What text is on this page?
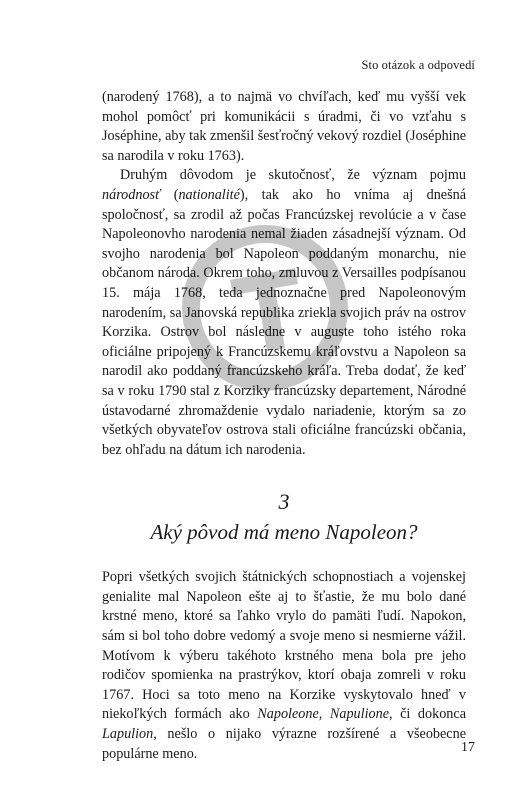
Sto otázok a odpovedí

(narodený 1768), a to najmä vo chvíľach, keď mu vyšší vek mohol pomôcť pri komunikácii s úradmi, či vo vzťahu s Joséphine, aby tak zmenšil šesťročný vekový rozdiel (Joséphine sa narodila v roku 1763).

Druhým dôvodom je skutočnosť, že význam pojmu národnosť (nationalité), tak ako ho vníma aj dnešná spoločnosť, sa zrodil až počas Francúzskej revolúcie a v čase Napoleonovho narodenia nemal žiaden zásadnejší význam. Od svojho narodenia bol Napoleon poddaným monarchu, nie občanom národa. Okrem toho, zmluvou z Versailles podpísanou 15. mája 1768, teda jednoznačne pred Napoleonovým narodením, sa Janovská republika zriekla svojich práv na ostrov Korzika. Ostrov bol následne v auguste toho istého roka oficiálne pripojený k Francúzskemu kráľovstvu a Napoleon sa narodil ako poddaný francúzskeho kráľa. Treba dodať, že keď sa v roku 1790 stal z Korziky francúzsky departement, Národné ústavodarné zhromaždenie vydalo nariadenie, ktorým sa zo všetkých obyvateľov ostrova stali oficiálne francúzski občania, bez ohľadu na dátum ich narodenia.

3
Aký pôvod má meno Napoleon?

Popri všetkých svojich štátnických schopnostiach a vojenskej genialite mal Napoleon ešte aj to šťastie, že mu bolo dané krstné meno, ktoré sa ľahko vrylo do pamäti ľudí. Napokon, sám si bol toho dobre vedomý a svoje meno si nesmierne vážil. Motívom k výberu takéhoto krstného mena bola pre jeho rodičov spomienka na prastrýkov, ktorí obaja zomreli v roku 1767. Hoci sa toto meno na Korzike vyskytovalo hneď v niekoľkých formách ako Napoleone, Napulione, či dokonca Lapulion, nešlo o nijako výrazne rozšírené a všeobecne populárne meno.	17
